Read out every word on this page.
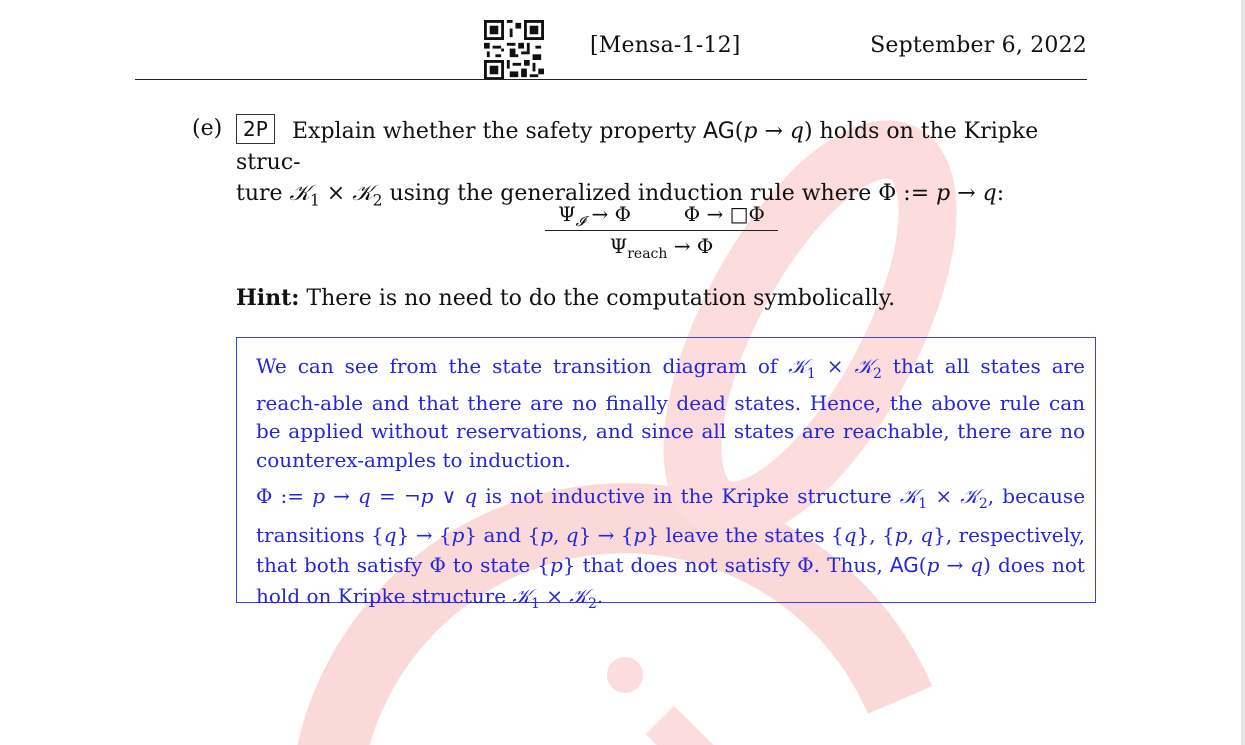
[Mensa-1-12]	September 6, 2022
(e)	Explain whether the safety property AG(p → q) holds on the Kripke struc-
ture 𝒦$_1$ × 𝒦$_2$ using the generalized induction rule where Φ := p → q:
2P
$\Psi_𝓘 \to \Phi$	Φ → □Φ
$\Psi_{reach} \to \Phi$
Hint: There is no need to do the computation symbolically.

We can see from the state transition diagram of 𝒦$_1$ × 𝒦$_2$ that all states are reach-able and that there are no finally dead states. Hence, the above rule can be applied without reservations, and since all states are reachable, there are no counterex-amples to induction.

Φ := p → q = ¬p ∨ q is not inductive in the Kripke structure 𝒦$_1$ × 𝒦$_2$, because transitions {q} → {p} and {p, q} → {p} leave the states {q}, {p, q}, respectively, that both satisfy Φ to state {p} that does not satisfy Φ. Thus, AG(p → q) does not hold on Kripke structure 𝒦$_1$ × 𝒦$_2$.
